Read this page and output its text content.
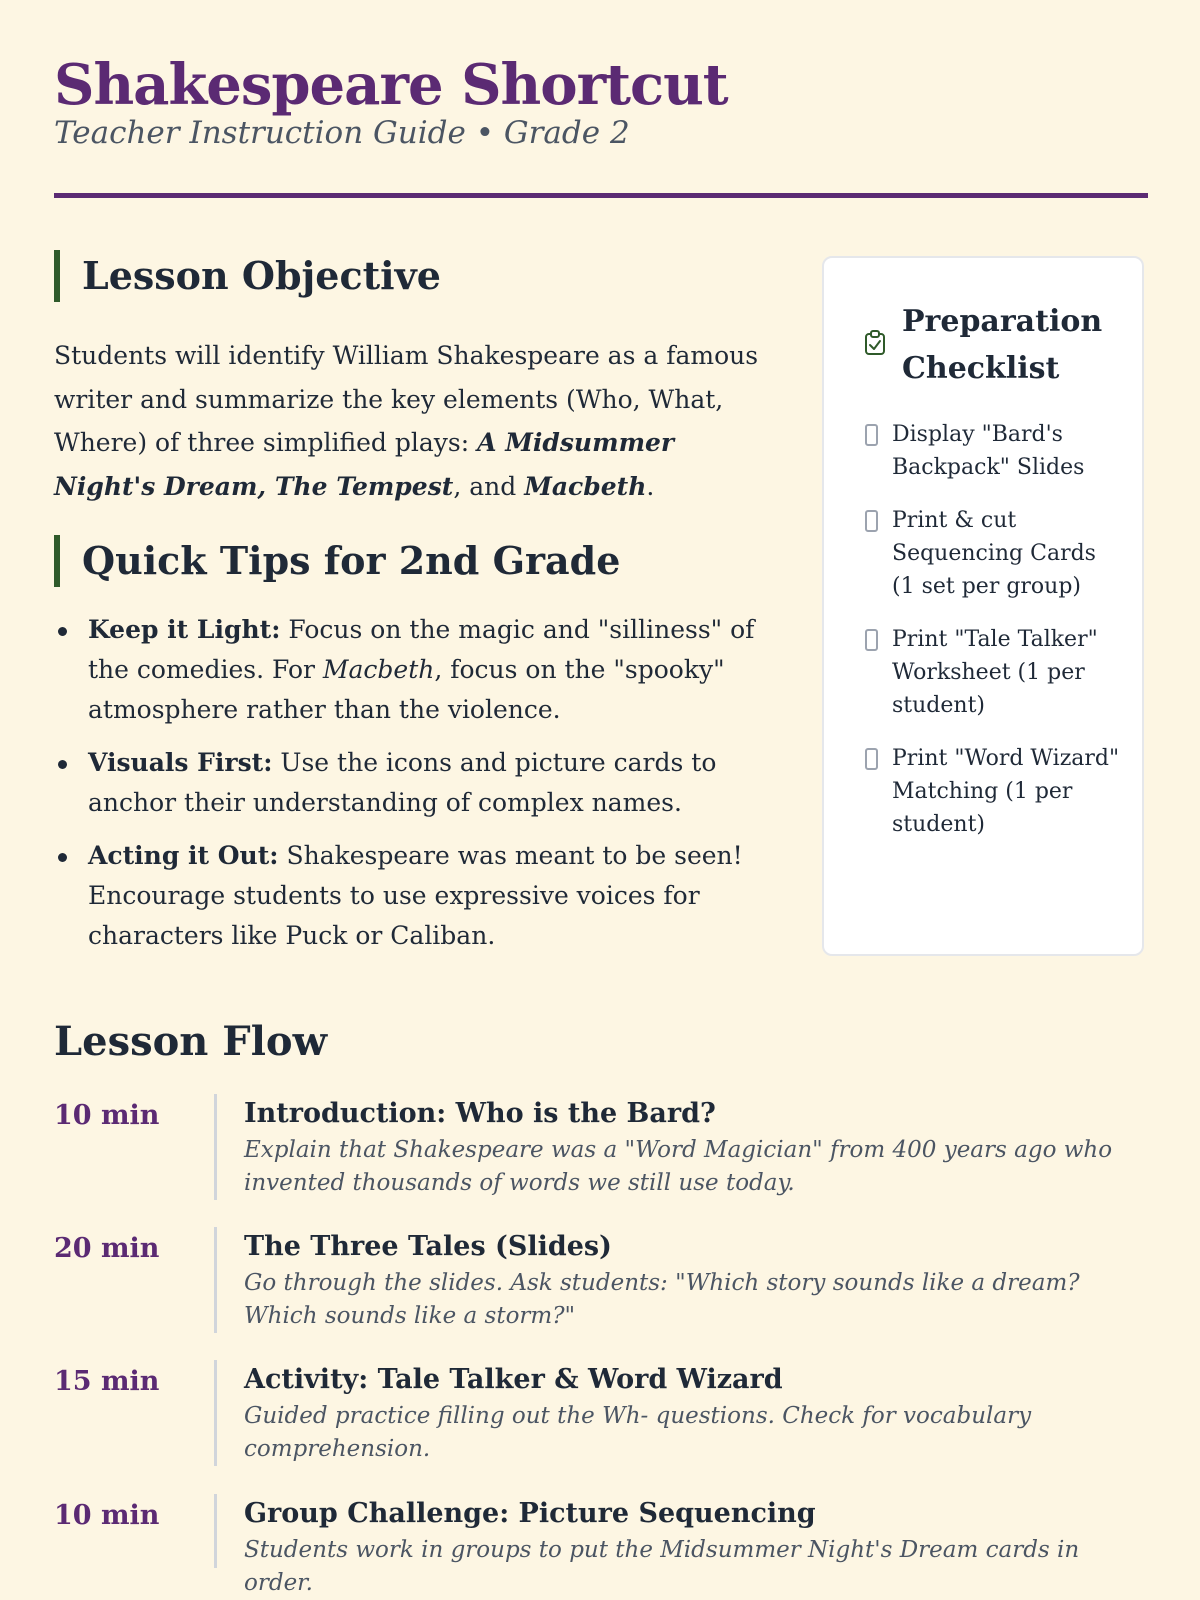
Shakespeare Shortcut
Teacher Instruction Guide • Grade 2
Lesson Objective
Students will identify William Shakespeare as a famous writer and summarize the key elements (Who, What, Where) of three simplified plays: A Midsummer Night's Dream, The Tempest, and Macbeth.
Quick Tips for 2nd Grade
Keep it Light: Focus on the magic and "silliness" of the comedies. For Macbeth, focus on the "spooky" atmosphere rather than the violence.
Visuals First: Use the icons and picture cards to anchor their understanding of complex names.
Acting it Out: Shakespeare was meant to be seen! Encourage students to use expressive voices for characters like Puck or Caliban.
Preparation Checklist
Display "Bard's Backpack" Slides
Print & cut Sequencing Cards (1 set per group)
Print "Tale Talker" Worksheet (1 per student)
Print "Word Wizard" Matching (1 per student)
Lesson Flow
10 min	Introduction: Who is the Bard?
Explain that Shakespeare was a "Word Magician" from 400 years ago who invented thousands of words we still use today.
20 min	The Three Tales (Slides)
Go through the slides. Ask students: "Which story sounds like a dream? Which sounds like a storm?"
15 min	Activity: Tale Talker & Word Wizard
Guided practice filling out the Wh- questions. Check for vocabulary comprehension.
10 min	Group Challenge: Picture Sequencing
Students work in groups to put the Midsummer Night's Dream cards in order.
